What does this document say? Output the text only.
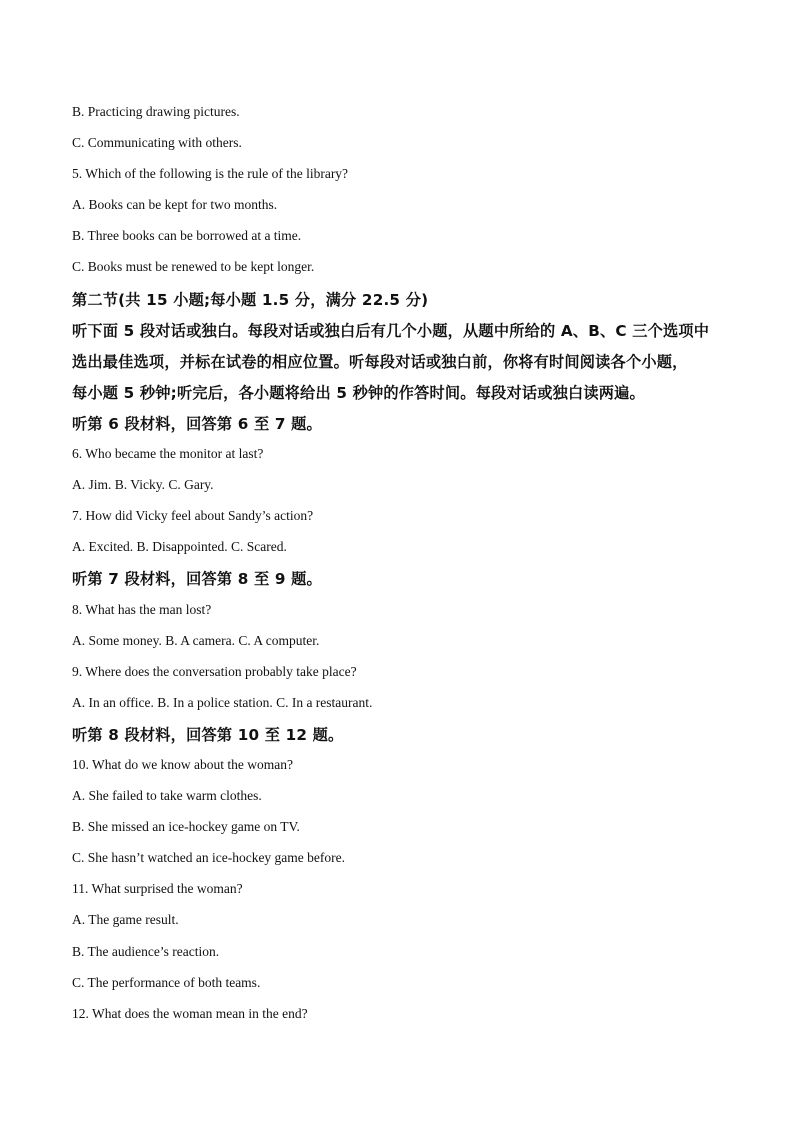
B. Practicing drawing pictures.

C. Communicating with others.

5. Which of the following is the rule of the library?

A. Books can be kept for two months.

B. Three books can be borrowed at a time.

C. Books must be renewed to be kept longer.

第二节(共 15 小题;每小题 1.5 分，满分 22.5 分)

听下面 5 段对话或独白。每段对话或独白后有几个小题，从题中所给的 A、B、C 三个选项中

选出最佳选项，并标在试卷的相应位置。听每段对话或独白前，你将有时间阅读各个小题，

每小题 5 秒钟;听完后，各小题将给出 5 秒钟的作答时间。每段对话或独白读两遍。

听第 6 段材料，回答第 6 至 7 题。

6. Who became the monitor at last?

A. Jim. B. Vicky. C. Gary.

7. How did Vicky feel about Sandy’s action?

A. Excited. B. Disappointed. C. Scared.

听第 7 段材料，回答第 8 至 9 题。

8. What has the man lost?

A. Some money. B. A camera. C. A computer.

9. Where does the conversation probably take place?

A. In an office. B. In a police station. C. In a restaurant.

听第 8 段材料，回答第 10 至 12 题。

10. What do we know about the woman?

A. She failed to take warm clothes.

B. She missed an ice-hockey game on TV.

C. She hasn’t watched an ice-hockey game before.

11. What surprised the woman?

A. The game result.

B. The audience’s reaction.

C. The performance of both teams.

12. What does the woman mean in the end?
